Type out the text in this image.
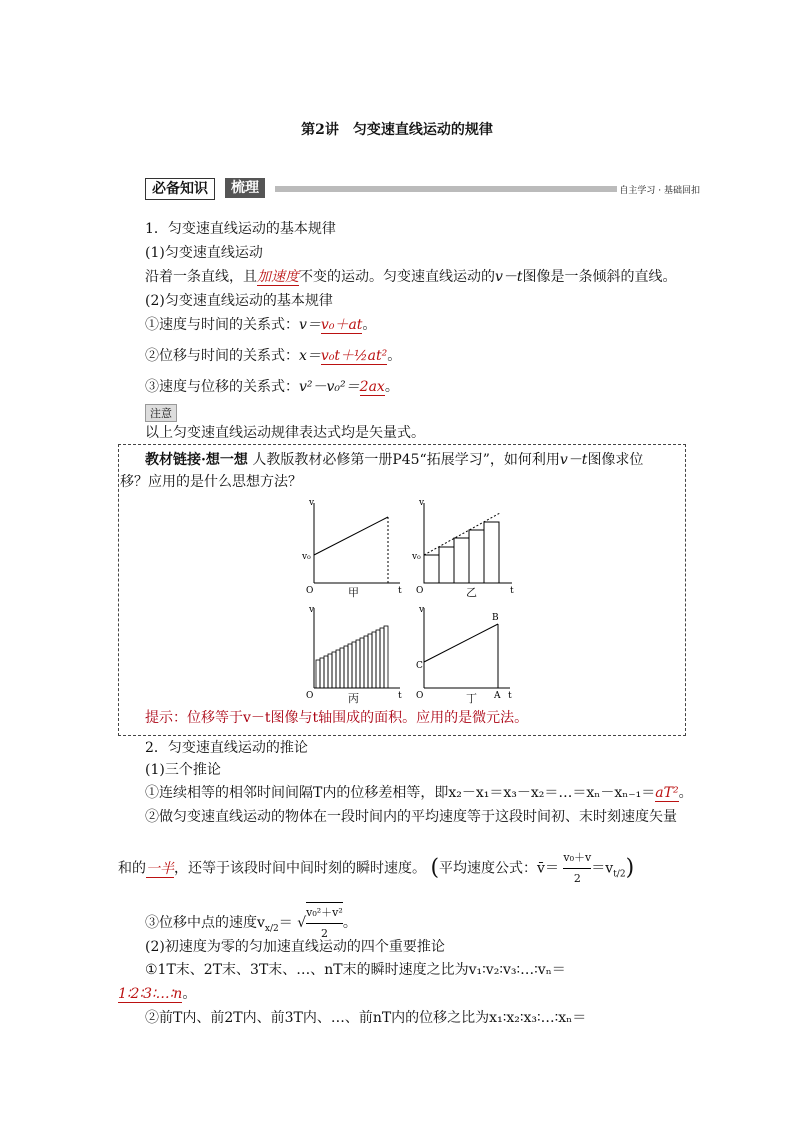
第2讲　匀变速直线运动的规律
必备知识	梳理	自主学习 · 基础回扣
1．匀变速直线运动的基本规律
(1)匀变速直线运动
沿着一条直线，且加速度不变的运动。匀变速直线运动的v－t图像是一条倾斜的直线。
(2)匀变速直线运动的基本规律
①速度与时间的关系式：v＝v₀＋at。
②位移与时间的关系式：x＝v₀t＋½at²。
③速度与位移的关系式：v²－v₀²＝2ax。
注意
以上匀变速直线运动规律表达式均是矢量式。
教材链接·想一想 人教版教材必修第一册P45“拓展学习”，如何利用v－t图像求位
移？应用的是什么思想方法？
v
v₀
O	t
v
v₀
O	t
甲	乙
v
O	t
v
C
B
A
O	t
丙	丁
提示：位移等于v－t图像与t轴围成的面积。应用的是微元法。
2．匀变速直线运动的推论
(1)三个推论
①连续相等的相邻时间间隔T内的位移差相等，即x₂－x₁＝x₃－x₂＝…＝xₙ－xₙ₋₁＝aT²。
②做匀变速直线运动的物体在一段时间内的平均速度等于这段时间初、末时刻速度矢量
和的一半，还等于该段时间中间时刻的瞬时速度。 (平均速度公式：v̄＝ $\frac{\text{v₀＋v}}{2} =v_{t/2}$)
③位移中点的速度$v_{x/2}=$ √ $\frac{\text{v₀²＋v²}}{2}$ 。
(2)初速度为零的匀加速直线运动的四个重要推论
①1T末、2T末、3T末、…、nT末的瞬时速度之比为v₁∶v₂∶v₃∶…∶vₙ＝
1∶2∶3∶…∶n。
②前T内、前2T内、前3T内、…、前nT内的位移之比为x₁∶x₂∶x₃∶…∶xₙ＝
